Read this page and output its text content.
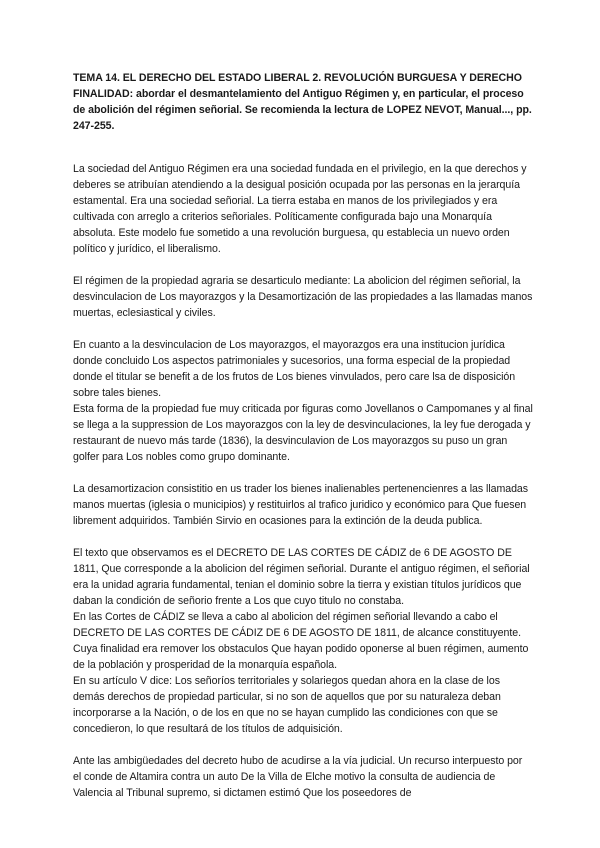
TEMA 14. EL DERECHO DEL ESTADO LIBERAL 2. REVOLUCIÓN BURGUESA Y DERECHO

FINALIDAD: abordar el desmantelamiento del Antiguo Régimen y, en particular, el proceso de abolición del régimen señorial. Se recomienda la lectura de LOPEZ NEVOT, Manual..., pp. 247-255.

La sociedad del Antiguo Régimen era una sociedad fundada en el privilegio, en la que derechos y deberes se atribuían atendiendo a la desigual posición ocupada por las personas en la jerarquía estamental. Era una sociedad señorial. La tierra estaba en manos de los privilegiados y era cultivada con arreglo a criterios señoriales. Políticamente configurada bajo una Monarquía absoluta. Este modelo fue sometido a una revolución burguesa, qu establecia un nuevo orden político y jurídico, el liberalismo.

El régimen de la propiedad agraria se desarticulo mediante: La abolicion del régimen señorial, la desvinculacion de Los mayorazgos y la Desamortización de las propiedades a las llamadas manos muertas, eclesiastical y civiles.

En cuanto a la desvinculacion de Los mayorazgos, el mayorazgos era una institucion jurídica donde concluido Los aspectos patrimoniales y sucesorios, una forma especial de la propiedad donde el titular se benefit a de los frutos de Los bienes vinvulados, pero care lsa de disposición sobre tales bienes.

Esta forma de la propiedad fue muy criticada por figuras como Jovellanos o Campomanes y al final se llega a la suppression de Los mayorazgos con la ley de desvinculaciones, la ley fue derogada y restaurant de nuevo más tarde (1836), la desvinculavion de Los mayorazgos su puso un gran golfer para Los nobles como grupo dominante.

La desamortizacion consistitio en us trader los bienes inalienables pertenencienres a las llamadas manos muertas (iglesia o municipios) y restituirlos al trafico juridico y económico para Que fuesen librement adquiridos. También Sirvio en ocasiones para la extinción de la deuda publica.

El texto que observamos es el DECRETO DE LAS CORTES DE CÁDIZ de 6 DE AGOSTO DE 1811, Que corresponde a la abolicion del régimen señorial. Durante el antiguo régimen, el señorial era la unidad agraria fundamental, tenian el dominio sobre la tierra y existian títulos jurídicos que daban la condición de señorio frente a Los que cuyo titulo no constaba.

En las Cortes de CÁDIZ se lleva a cabo al abolicion del régimen señorial llevando a cabo el DECRETO DE LAS CORTES DE CÁDIZ DE 6 DE AGOSTO DE 1811, de alcance constituyente. Cuya finalidad era remover los obstaculos Que hayan podido oponerse al buen régimen, aumento de la población y prosperidad de la monarquía española.

En su artículo V dice: Los señoríos territoriales y solariegos quedan ahora en la clase de los demás derechos de propiedad particular, si no son de aquellos que por su naturaleza deban incorporarse a la Nación, o de los en que no se hayan cumplido las condiciones con que se concedieron, lo que resultará de los títulos de adquisición.

Ante las ambigüedades del decreto hubo de acudirse a la vía judicial. Un recurso interpuesto por el conde de Altamira contra un auto De la Villa de Elche motivo la consulta de audiencia de Valencia al Tribunal supremo, si dictamen estimó Que los poseedores de
